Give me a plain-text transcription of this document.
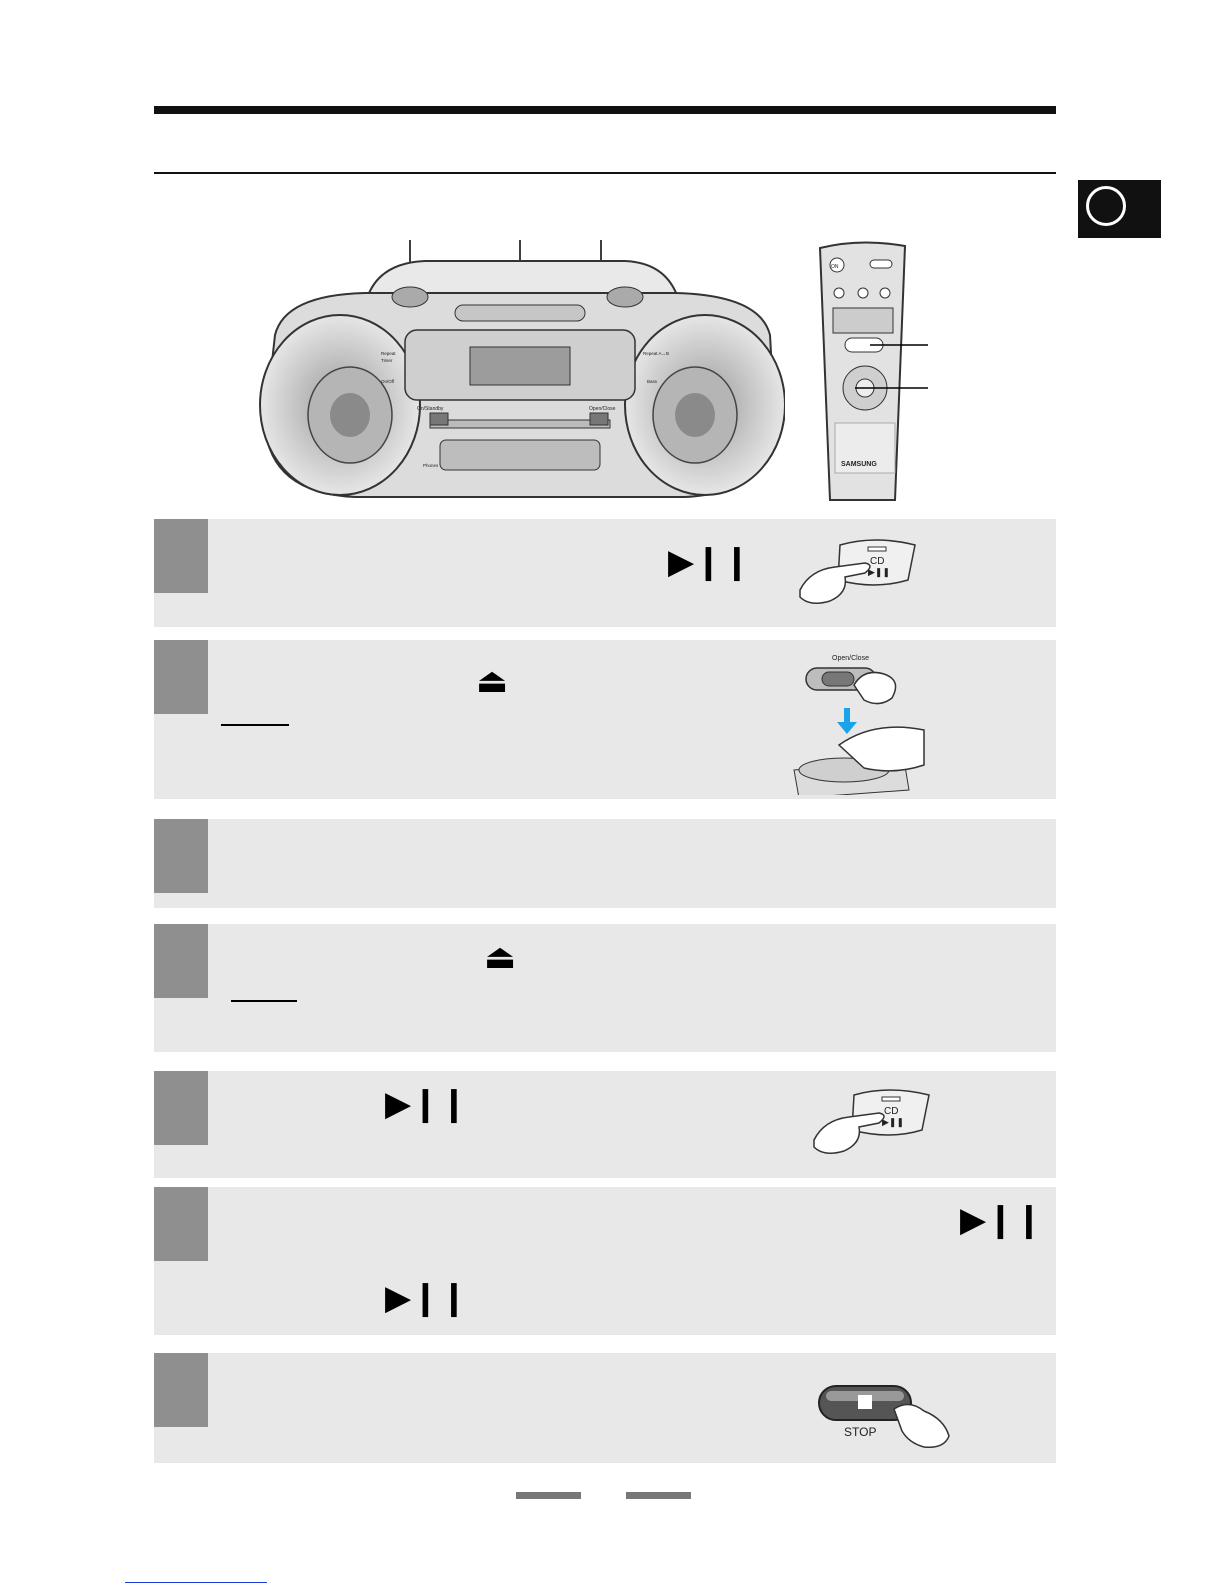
On/Standby	Open/Close
Repeat
Timer
On/Off
Repeat A↔B
Bass
Phones
ON
SAMSUNG
▶❙❙	CD
▶❚❚
⏏
Open/Close
⏏
▶❙❙	CD
▶❚❚
▶❙❙
▶❙❙
STOP
